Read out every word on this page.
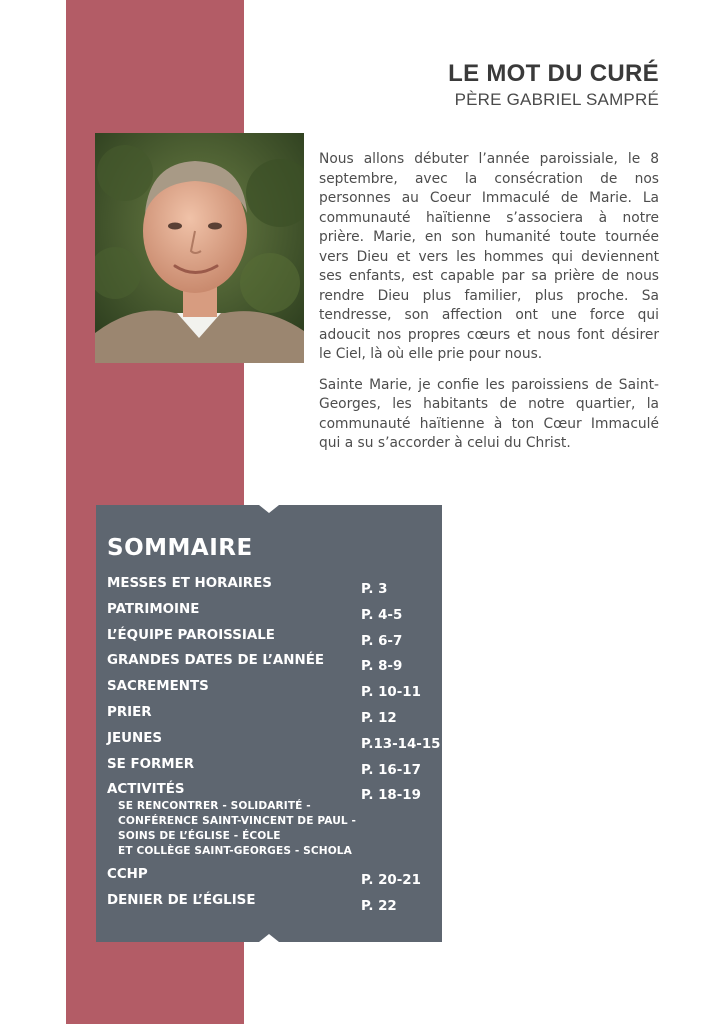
LE MOT DU CURÉ
PÈRE GABRIEL SAMPRÉ

Nous allons débuter l’année paroissiale, le 8 septembre, avec la consécration de nos personnes au Coeur Immaculé de Marie. La communauté haïtienne s’associera à notre prière. Marie, en son humanité toute tournée vers Dieu et vers les hommes qui deviennent ses enfants, est capable par sa prière de nous rendre Dieu plus familier, plus proche. Sa tendresse, son affection ont une force qui adoucit nos propres cœurs et nous font désirer le Ciel, là où elle prie pour nous.

Sainte Marie, je confie les paroissiens de Saint-Georges, les habitants de notre quartier, la communauté haïtienne à ton Cœur Immaculé qui a su s’accorder à celui du Christ.

SOMMAIRE
MESSES ET HORAIRES	P. 3
PATRIMOINE	P. 4-5
L’ÉQUIPE PAROISSIALE	P. 6-7
GRANDES DATES DE L’ANNÉE	P. 8-9
SACREMENTS	P. 10-11
PRIER	P. 12
JEUNES	P.13-14-15
SE FORMER	P. 16-17
ACTIVITÉS	P. 18-19
SE RENCONTRER - SOLIDARITÉ -
CONFÉRENCE SAINT-VINCENT DE PAUL -
SOINS DE L’ÉGLISE - ÉCOLE
ET COLLÈGE SAINT-GEORGES - SCHOLA
CCHP	P. 20-21
DENIER DE L’ÉGLISE	P. 22
